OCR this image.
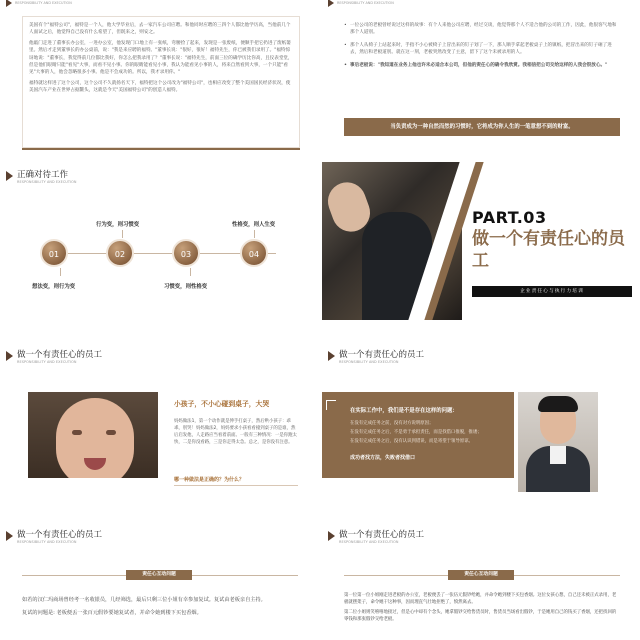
RESPONSIBILITY AND EXECUTION

美国有个"福特公司"，福特是一个人，他大学毕业后，去一家汽车公司应聘。和他同时应聘的三四个人都比他学历高，当他前几个人面试之后，他觉得自己没有什么希望了，但既来之，则安之。

他敲门走进了董事长办公室，一进办公室，他发现门口地上有一张纸，弯腰捡了起来，发现是一张废纸，便顺手把它扔进了废纸篓里。然后才走到董事长的办公桌前，说："我是来应聘的福特。"董事长说："很好，很好！福特先生，你已被我们录用了。"福特惊讶地说："董事长，我觉得前几位都比我好，你怎么把我录用了？"董事长说："福特先生，前面三位的确学历比你高，且仪表堂堂，但是他们眼睛只能"看见"大事，而看不见小事。你的眼睛能看见小事，我认为能看见小事的人，将来自然看到大事，一个只能"看见"大事的人，他会忽略很多小事。他是不会成功的。所以，我才录用你。"

福特就这样进了这个公司，这个公司不久就扬名天下，福特把这个公司改为"福特公司"，也相应改变了整个美国国民经济状况，使美国汽车产业在世界占据鳌头，这就是今天"美国福特公司"的创造人福特。

RESPONSIBILITY AND EXECUTION
• 一位公司的老板曾经说过这样的故事：有个人来他公司应聘，经过交谈，他觉得那个人不适合他的公司的工作，因此，他很客气地和那个人道别。
• 那个人从椅子上站起来时，手指不小心被椅子上冒出来的钉子划了一下，那人顺手拿起老板桌子上的镇纸，把冒出来的钉子砸了进去，然后和老板道别。就在这一刻，老板突然改变了主意，留下了这个未被录用的人。
• 事后老板说："我知道在业务上他也许未必适合本公司，但他的责任心的确令我欣赏。我相信把公司交给这样的人我会很放心。"
当负责成为一种自然而然的习惯时，它将成为你人生的一笔意想不到的财富。
正确对待工作
RESPONSIBILITY AND EXECUTION
01	02	03	04
行为变，则习惯变	性格变，则人生变
想法变，则行为变	习惯变，则性格变
PART.03
做一个有责任心的员工
企业责任心与执行力培训
做一个有责任心的员工
RESPONSIBILITY AND EXECUTION
小孩子，不小心碰到桌子，大哭
妈妈做法1，第一个动作就是伸手打桌子，然后哄小孩子：乖乖，别哭！妈妈做法2，妈妈要求小孩看看撞到桌子的是谁，然后启发他，人走路应当看着前面。一般有三种情况：一是你跑太快，二是你没看路，三是你走得太急。总之，是你没有注意。
哪一种做法是正确的？为什么？
做一个有责任心的员工
RESPONSIBILITY AND EXECUTION
在实际工作中，我们是不是存在这样的问题：
在没有完成任务之前，没有对方说明原因；
在没有完成任务之后，不是勇于承担责任，而是找借口推脱，推诿；
在没有完成任务之后，没有认识到错误，而是寄望于领导原谅。
成功者找方法，失败者找借口
做一个有责任心的员工
RESPONSIBILITY AND EXECUTION
责任心互动问题
如若的汉仁玛商场曾经考一名收银员，几经筛选，最后只剩三位小姐有幸参加复试。复试由老板亲自主持。
复试的问题是: 老板便丢一张百元假钞要她复试者，并命令她到楼下买包香烟。
做一个有责任心的员工
RESPONSIBILITY AND EXECUTION
责任心互动问题
第一位第一位小姐刚走进老板的办公室，老板便丢了一张伍元假钞给她，并命令她到楼下买包香烟。这位女孩心想，自己还未被正式录用，老板就摆架子，命令她干这种事，因而理直气壮地拒绝了，愤然离去。
第二位小姐则笑嘻嘻地接过，但是心中却有个念头，她拿假钞交给售货员时，售货员当场看出假钞，于是她用自己的钱买了香烟，还把找回的零钱和那张假钞交给老板。
